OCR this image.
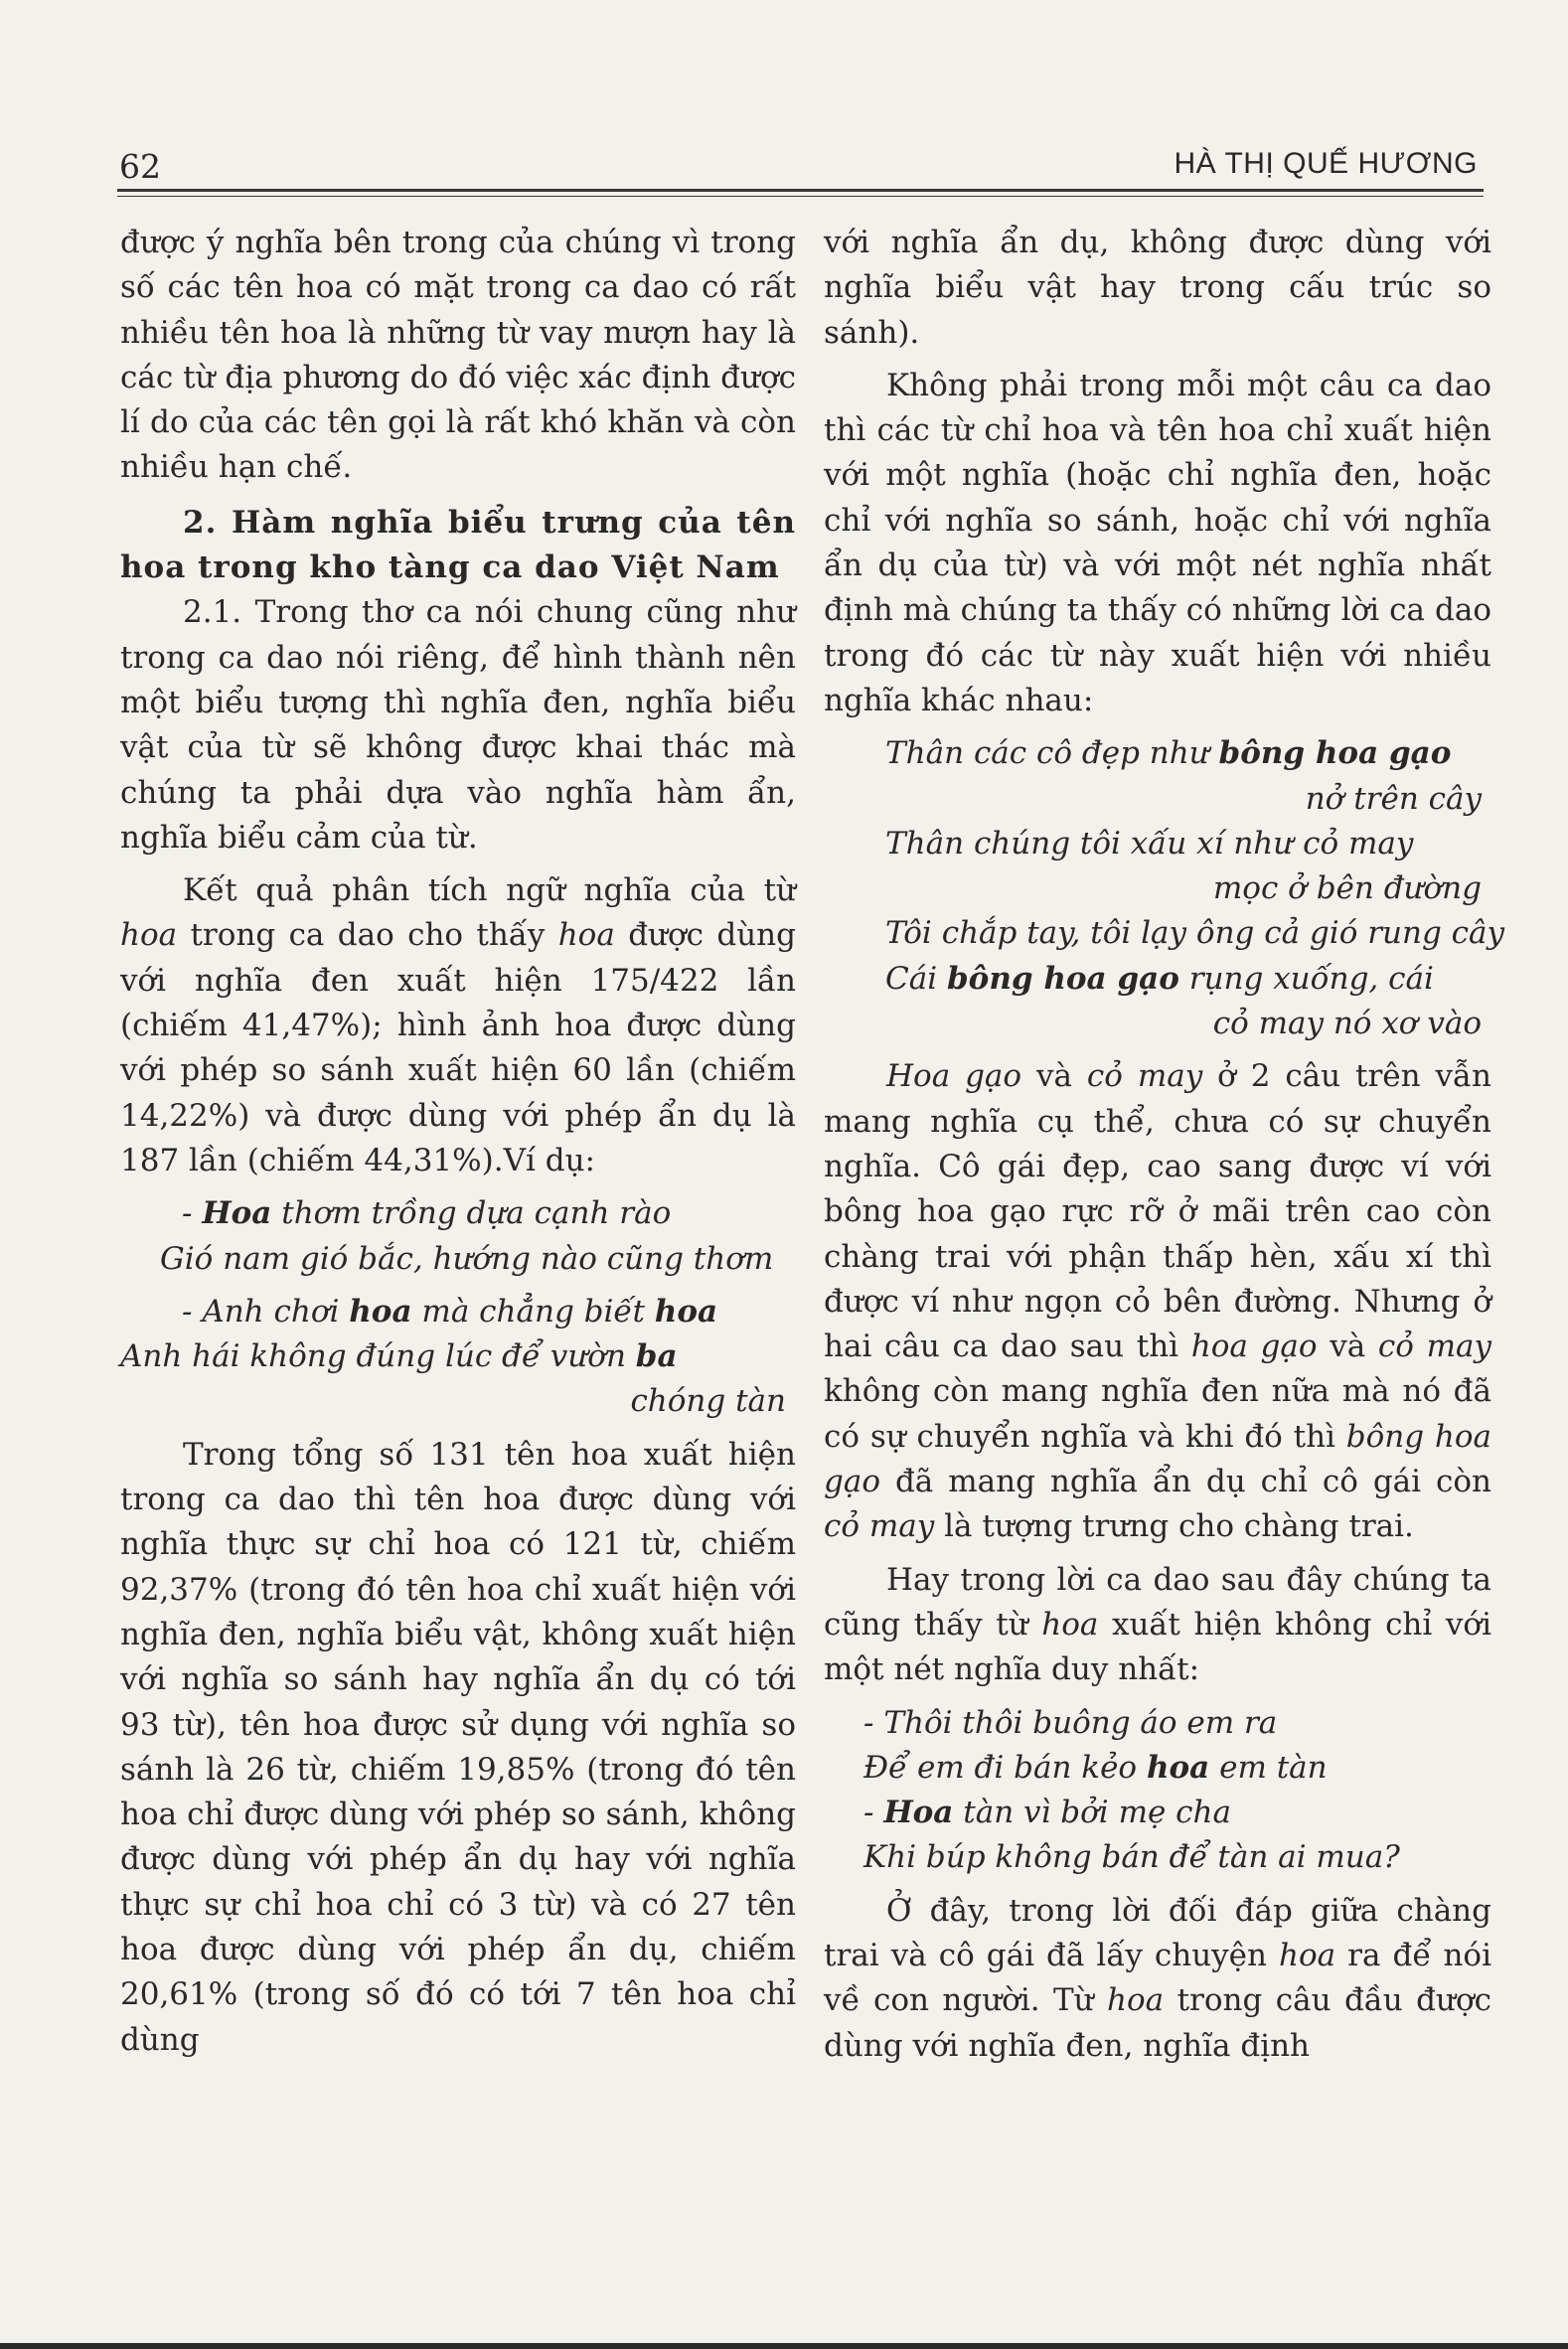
62	HÀ THỊ QUẾ HƯƠNG

được ý nghĩa bên trong của chúng vì trong số các tên hoa có mặt trong ca dao có rất nhiều tên hoa là những từ vay mượn hay là các từ địa phương do đó việc xác định được lí do của các tên gọi là rất khó khăn và còn nhiều hạn chế.

2. Hàm nghĩa biểu trưng của tên hoa trong kho tàng ca dao Việt Nam

2.1. Trong thơ ca nói chung cũng như trong ca dao nói riêng, để hình thành nên một biểu tượng thì nghĩa đen, nghĩa biểu vật của từ sẽ không được khai thác mà chúng ta phải dựa vào nghĩa hàm ẩn, nghĩa biểu cảm của từ.

Kết quả phân tích ngữ nghĩa của từ hoa trong ca dao cho thấy hoa được dùng với nghĩa đen xuất hiện 175/422 lần (chiếm 41,47%); hình ảnh hoa được dùng với phép so sánh xuất hiện 60 lần (chiếm 14,22%) và được dùng với phép ẩn dụ là 187 lần (chiếm 44,31%).Ví dụ:

- Hoa thơm trồng dựa cạnh rào
Gió nam gió bắc, hướng nào cũng thơm
- Anh chơi hoa mà chẳng biết hoa
Anh hái không đúng lúc để vườn ba
chóng tàn

Trong tổng số 131 tên hoa xuất hiện trong ca dao thì tên hoa được dùng với nghĩa thực sự chỉ hoa có 121 từ, chiếm 92,37% (trong đó tên hoa chỉ xuất hiện với nghĩa đen, nghĩa biểu vật, không xuất hiện với nghĩa so sánh hay nghĩa ẩn dụ có tới 93 từ), tên hoa được sử dụng với nghĩa so sánh là 26 từ, chiếm 19,85% (trong đó tên hoa chỉ được dùng với phép so sánh, không được dùng với phép ẩn dụ hay với nghĩa thực sự chỉ hoa chỉ có 3 từ) và có 27 tên hoa được dùng với phép ẩn dụ, chiếm 20,61% (trong số đó có tới 7 tên hoa chỉ dùng

với nghĩa ẩn dụ, không được dùng với nghĩa biểu vật hay trong cấu trúc so sánh).

Không phải trong mỗi một câu ca dao thì các từ chỉ hoa và tên hoa chỉ xuất hiện với một nghĩa (hoặc chỉ nghĩa đen, hoặc chỉ với nghĩa so sánh, hoặc chỉ với nghĩa ẩn dụ của từ) và với một nét nghĩa nhất định mà chúng ta thấy có những lời ca dao trong đó các từ này xuất hiện với nhiều nghĩa khác nhau:

Thân các cô đẹp như bông hoa gạo
nở trên cây
Thân chúng tôi xấu xí như cỏ may
mọc ở bên đường
Tôi chắp tay, tôi lạy ông cả gió rung cây
Cái bông hoa gạo rụng xuống, cái
cỏ may nó xơ vào

Hoa gạo và cỏ may ở 2 câu trên vẫn mang nghĩa cụ thể, chưa có sự chuyển nghĩa. Cô gái đẹp, cao sang được ví với bông hoa gạo rực rỡ ở mãi trên cao còn chàng trai với phận thấp hèn, xấu xí thì được ví như ngọn cỏ bên đường. Nhưng ở hai câu ca dao sau thì hoa gạo và cỏ may không còn mang nghĩa đen nữa mà nó đã có sự chuyển nghĩa và khi đó thì bông hoa gạo đã mang nghĩa ẩn dụ chỉ cô gái còn cỏ may là tượng trưng cho chàng trai.

Hay trong lời ca dao sau đây chúng ta cũng thấy từ hoa xuất hiện không chỉ với một nét nghĩa duy nhất:

- Thôi thôi buông áo em ra
Để em đi bán kẻo hoa em tàn
- Hoa tàn vì bởi mẹ cha
Khi búp không bán để tàn ai mua?

Ở đây, trong lời đối đáp giữa chàng trai và cô gái đã lấy chuyện hoa ra để nói về con người. Từ hoa trong câu đầu được dùng với nghĩa đen, nghĩa định
